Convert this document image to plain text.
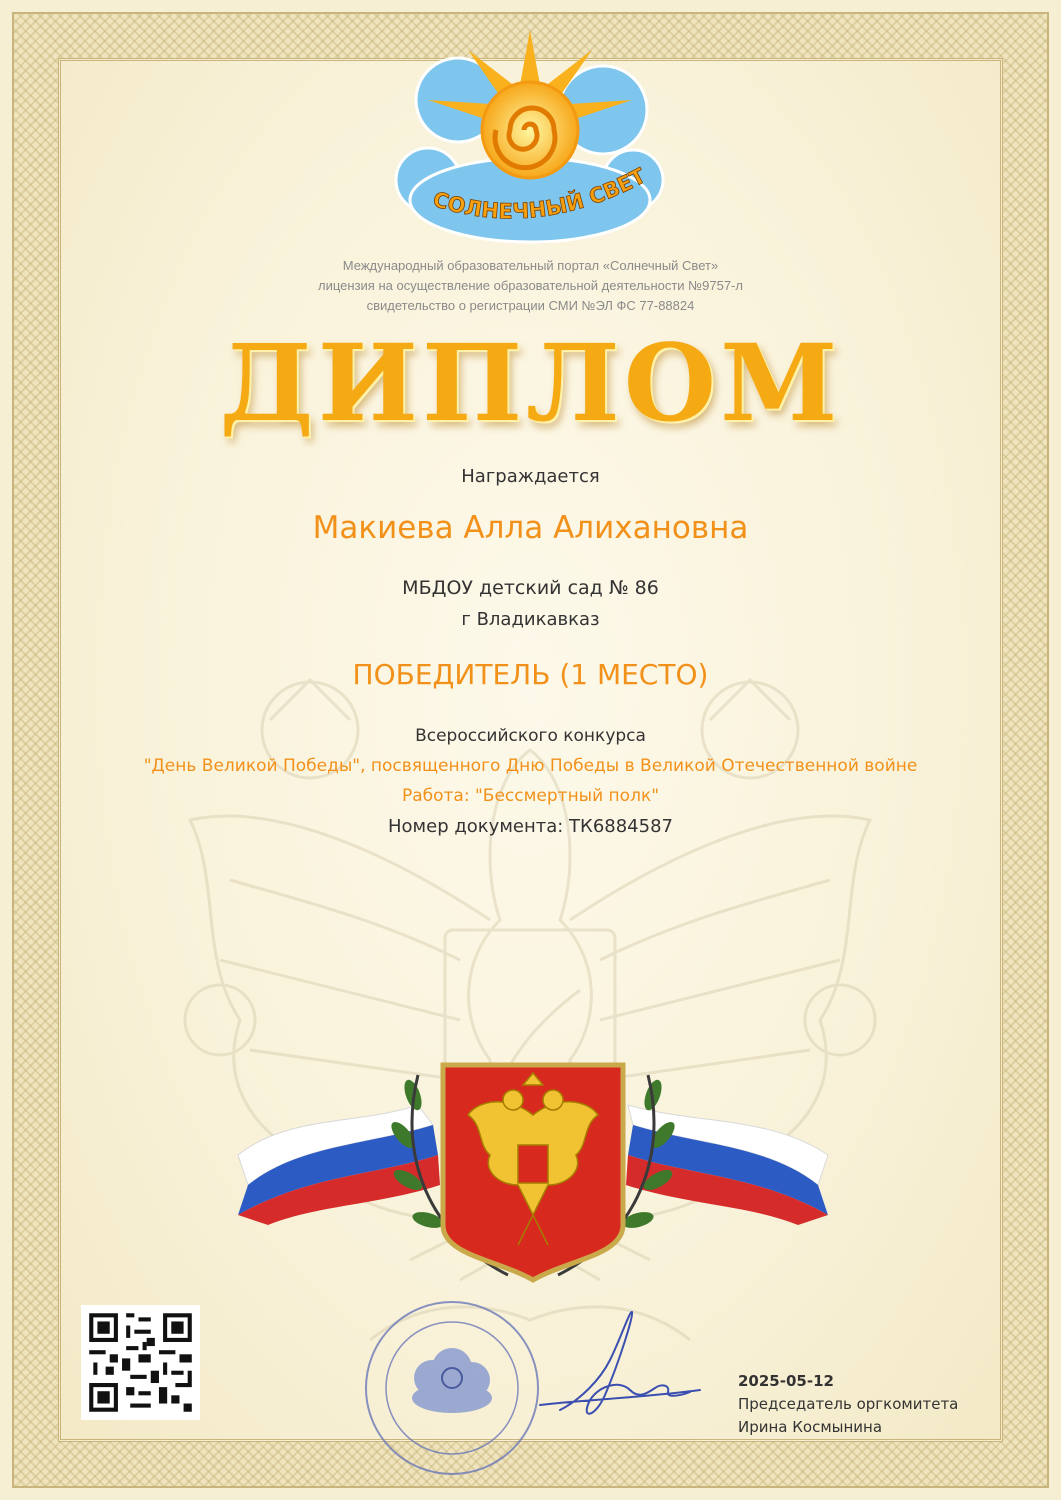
СОЛНЕЧНЫЙ СВЕТ
Международный образовательный портал «Солнечный Свет»
лицензия на осуществление образовательной деятельности №9757-л
свидетельство о регистрации СМИ №ЭЛ ФС 77-88824
ДИПЛОМ
Награждается
Макиева Алла Алихановна
МБДОУ детский сад № 86
г Владикавказ
ПОБЕДИТЕЛЬ (1 МЕСТО)
Всероссийского конкурса
"День Великой Победы", посвященного Дню Победы в Великой Отечественной войне
Работа: "Бессмертный полк"
Номер документа: ТК6884587
2025-05-12
Председатель оргкомитета
Ирина Космынина
